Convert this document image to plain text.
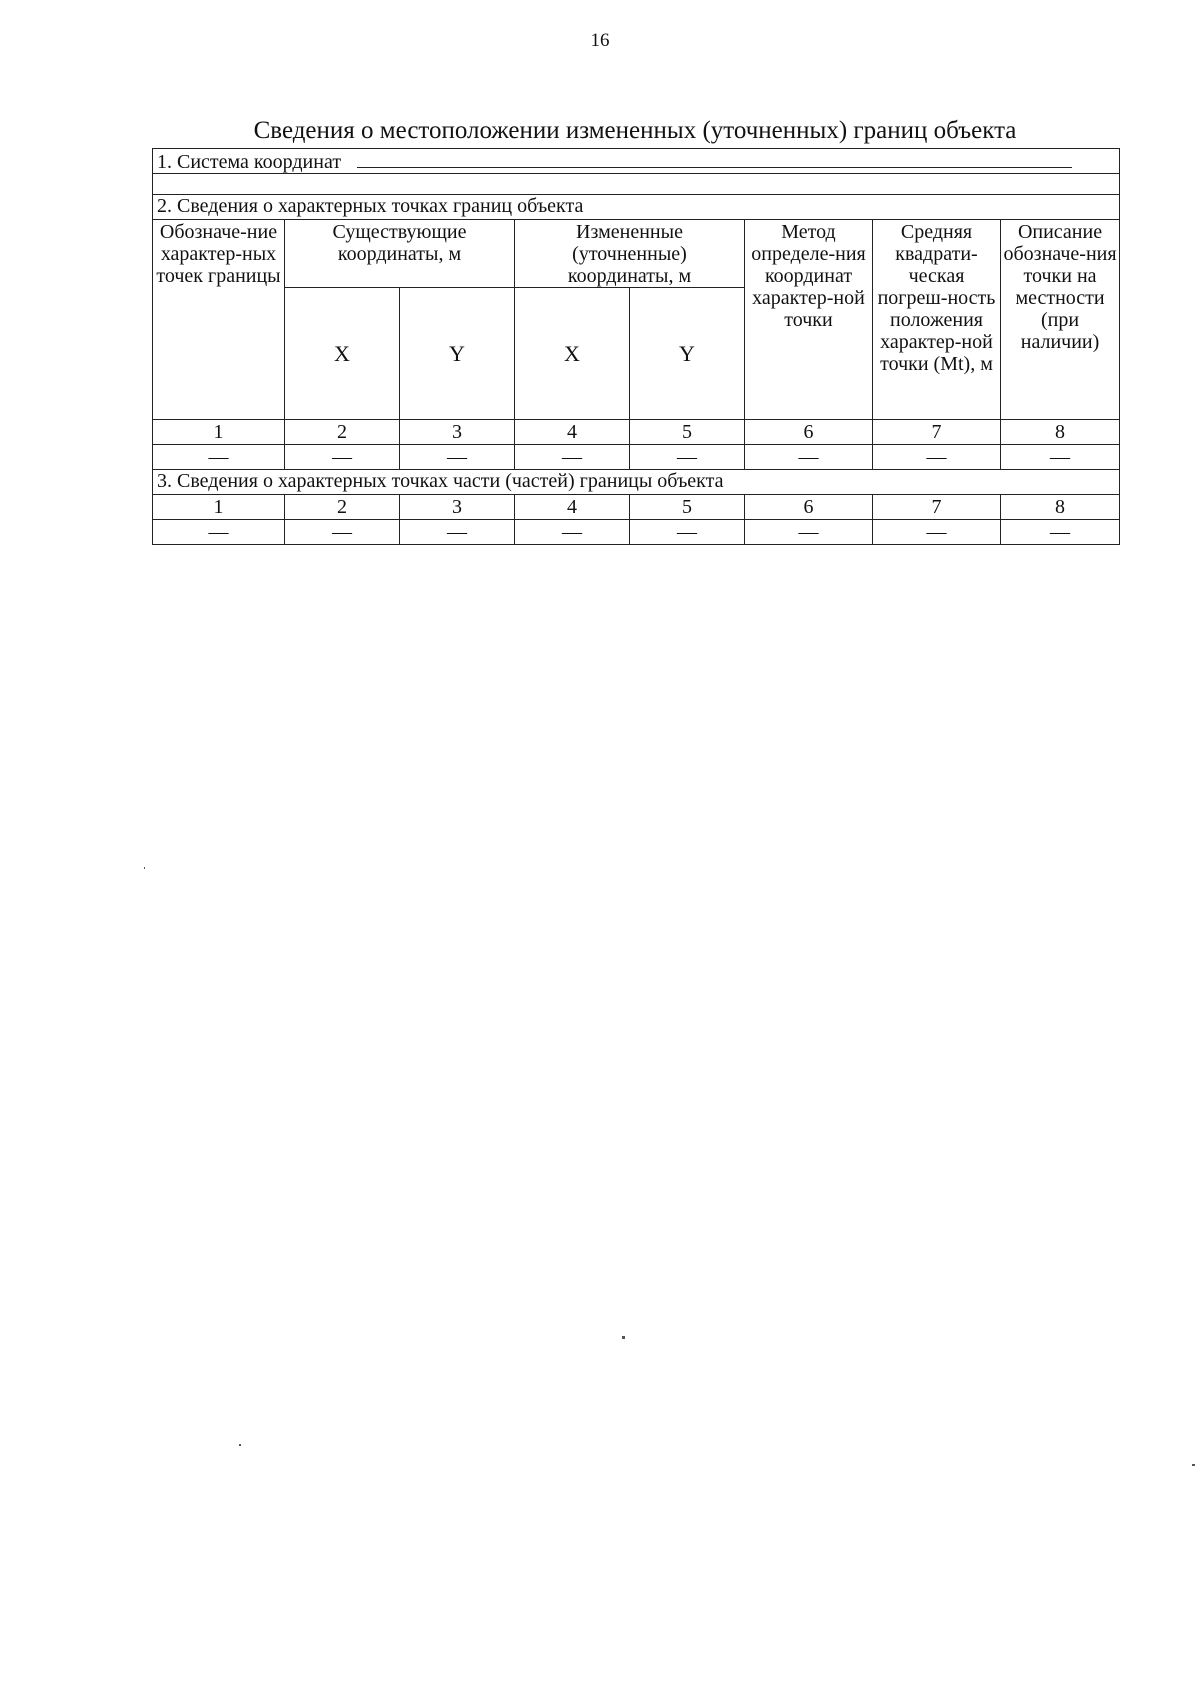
16
Сведения о местоположении измененных (уточненных) границ объекта
1. Система координат							

2. Сведения о характерных точках границ объекта							
Обозначе-ние характер-ных точек границы	Существующие координаты, м		Измененные (уточненные) координаты, м		Метод определе-ния координат характер-ной точки	Средняя квадрати-ческая погреш-ность положения характер-ной точки (Mt), м	Описание обозначе-ния точки на местности (при наличии)
	X	Y	X	Y			
1	2	3	4	5	6	7	8
—	—	—	—	—	—	—	—
3. Сведения о характерных точках части (частей) границы объекта							
1	2	3	4	5	6	7	8
—	—	—	—	—	—	—	—
